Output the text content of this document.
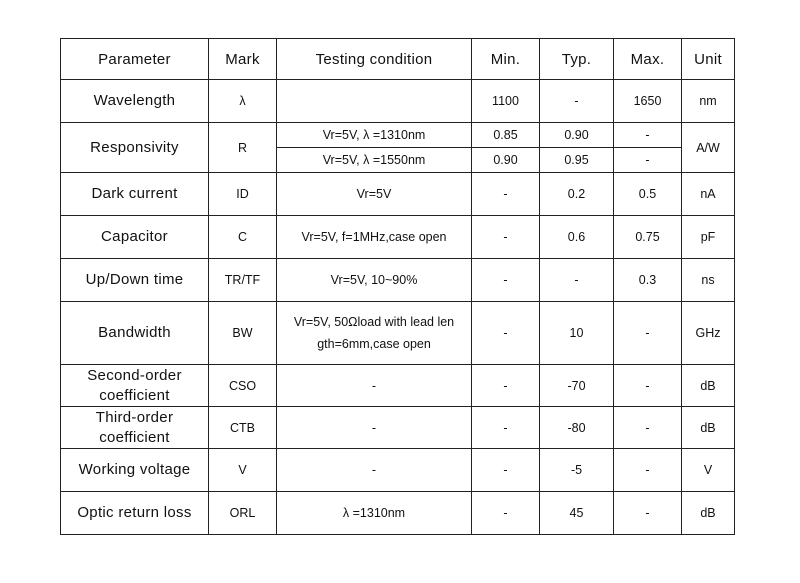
Parameter	Mark	Testing condition	Min.	Typ.	Max.	Unit
Wavelength	λ		1100	-	1650	nm
Responsivity	R	Vr=5V, λ =1310nm	0.85	0.90	-	A/W
		Vr=5V, λ =1550nm	0.90	0.95	-	
Dark current	ID	Vr=5V	-	0.2	0.5	nA
Capacitor	C	Vr=5V, f=1MHz,case open	-	0.6	0.75	pF
Up/Down time	TR/TF	Vr=5V, 10~90%	-	-	0.3	ns
Bandwidth	BW	Vr=5V, 50Ωload with lead len
gth=6mm,case open	-	10	-	GHz

Second-order
coefficient	CSO	-	-	-70	-	dB

Third-order
coefficient	CTB	-	-	-80	-	dB
Working voltage	V	-	-	-5	-	V
Optic return loss	ORL	λ =1310nm	-	45	-	dB
